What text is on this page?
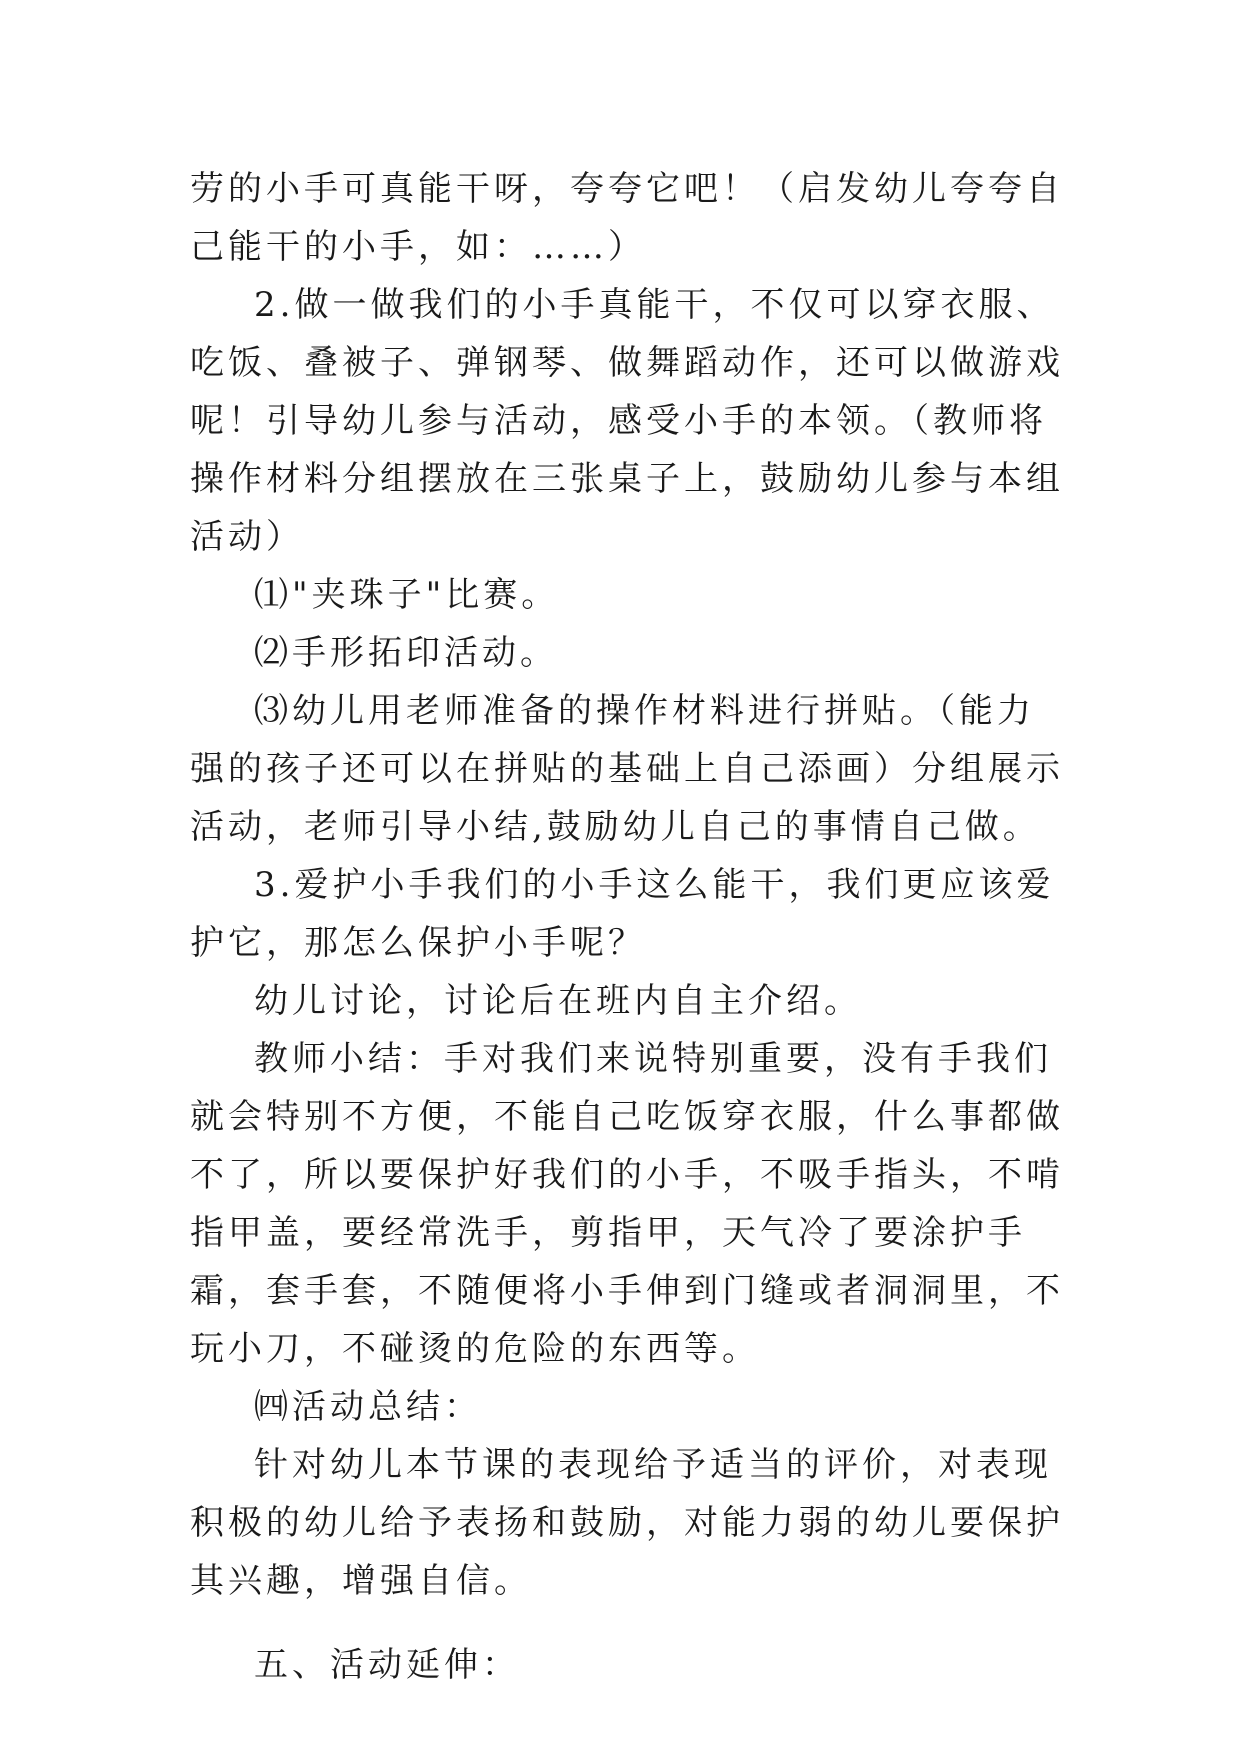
劳的小手可真能干呀，夸夸它吧！（启发幼儿夸夸自己能干的小手，如：……）

2.做一做我们的小手真能干，不仅可以穿衣服、吃饭、叠被子、弹钢琴、做舞蹈动作，还可以做游戏呢！引导幼儿参与活动，感受小手的本领。（教师将操作材料分组摆放在三张桌子上，鼓励幼儿参与本组活动）

⑴"夹珠子"比赛。

⑵手形拓印活动。

⑶幼儿用老师准备的操作材料进行拼贴。（能力强的孩子还可以在拼贴的基础上自己添画）分组展示活动，老师引导小结,鼓励幼儿自己的事情自己做。

3.爱护小手我们的小手这么能干，我们更应该爱护它，那怎么保护小手呢？

幼儿讨论，讨论后在班内自主介绍。

教师小结：手对我们来说特别重要，没有手我们就会特别不方便，不能自己吃饭穿衣服，什么事都做不了，所以要保护好我们的小手，不吸手指头，不啃指甲盖，要经常洗手，剪指甲，天气冷了要涂护手霜，套手套，不随便将小手伸到门缝或者洞洞里，不玩小刀，不碰烫的危险的东西等。

㈣活动总结：

针对幼儿本节课的表现给予适当的评价，对表现积极的幼儿给予表扬和鼓励，对能力弱的幼儿要保护其兴趣，增强自信。

五、活动延伸：
